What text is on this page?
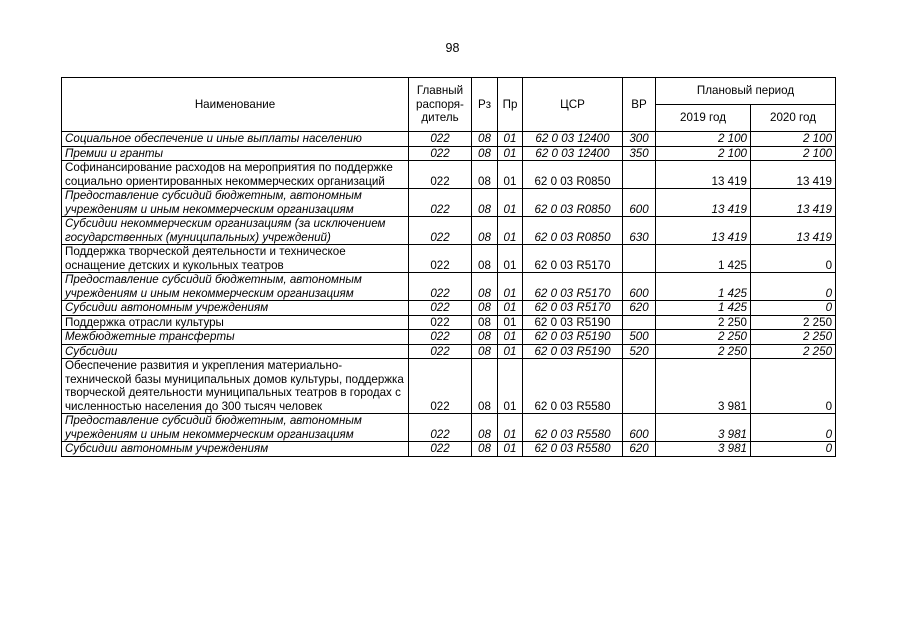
98
Наименование	Главный распоря-дитель	Рз	Пр	ЦСР	ВР	Плановый период	
						2019 год	2020 год
Социальное обеспечение и иные выплаты населению	022	08	01	62 0 03 12400	300	2 100	2 100
Премии и гранты	022	08	01	62 0 03 12400	350	2 100	2 100
Софинансирование расходов на мероприятия по поддержке социально ориентированных некоммерческих организаций	022	08	01	62 0 03 R0850		13 419	13 419
Предоставление субсидий бюджетным, автономным учреждениям и иным некоммерческим организациям	022	08	01	62 0 03 R0850	600	13 419	13 419
Субсидии некоммерческим организациям (за исключением государственных (муниципальных) учреждений)	022	08	01	62 0 03 R0850	630	13 419	13 419
Поддержка творческой деятельности и техническое оснащение детских и кукольных театров	022	08	01	62 0 03 R5170		1 425	0
Предоставление субсидий бюджетным, автономным учреждениям и иным некоммерческим организациям	022	08	01	62 0 03 R5170	600	1 425	0
Субсидии автономным учреждениям	022	08	01	62 0 03 R5170	620	1 425	0
Поддержка отрасли культуры	022	08	01	62 0 03 R5190		2 250	2 250
Межбюджетные трансферты	022	08	01	62 0 03 R5190	500	2 250	2 250
Субсидии	022	08	01	62 0 03 R5190	520	2 250	2 250
Обеспечение развития и укрепления материально-технической базы муниципальных домов культуры, поддержка творческой деятельности муниципальных театров в городах с численностью населения до 300 тысяч человек	022	08	01	62 0 03 R5580		3 981	0
Предоставление субсидий бюджетным, автономным учреждениям и иным некоммерческим организациям	022	08	01	62 0 03 R5580	600	3 981	0
Субсидии автономным учреждениям	022	08	01	62 0 03 R5580	620	3 981	0
